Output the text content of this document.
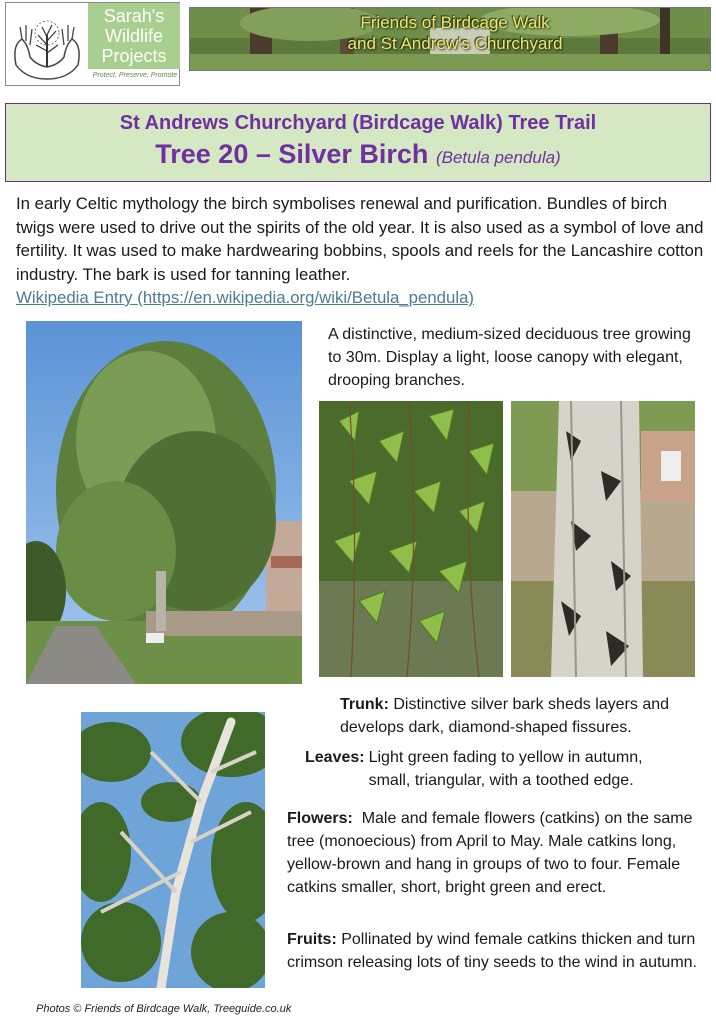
Sarah's
Wildlife
Projects
Protect, Preserve, Promote
Friends of Birdcage Walk
and St Andrew's Churchyard
St Andrews Churchyard (Birdcage Walk) Tree Trail
Tree 20 – Silver Birch (Betula pendula)
In early Celtic mythology the birch symbolises renewal and purification. Bundles of birch twigs were used to drive out the spirits of the old year. It is also used as a symbol of love and fertility. It was used to make hardwearing bobbins, spools and reels for the Lancashire cotton industry. The bark is used for tanning leather.
Wikipedia Entry (https://en.wikipedia.org/wiki/Betula_pendula)
A distinctive, medium-sized deciduous tree growing to 30m. Display a light, loose canopy with elegant, drooping branches.
Trunk: Distinctive silver bark sheds layers and develops dark, diamond-shaped fissures.
Leaves: Light green fading to yellow in autumn, small, triangular, with a toothed edge.
Flowers: Male and female flowers (catkins) on the same tree (monoecious) from April to May. Male catkins long, yellow-brown and hang in groups of two to four. Female catkins smaller, short, bright green and erect.
Fruits: Pollinated by wind female catkins thicken and turn crimson releasing lots of tiny seeds to the wind in autumn.
Photos © Friends of Birdcage Walk, Treeguide.co.uk
